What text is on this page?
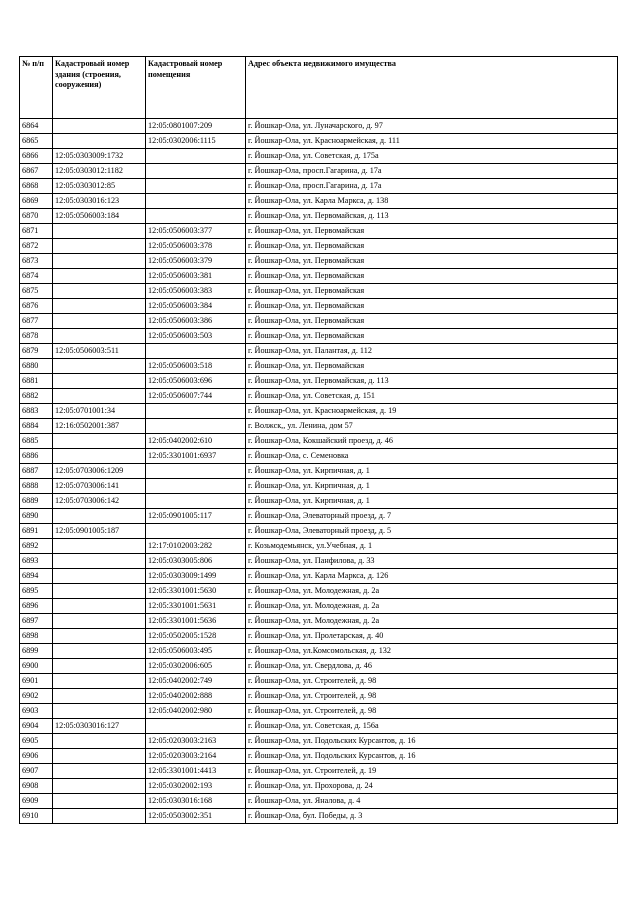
№ п/п	Кадастровый номер здания (строения, сооружения)	Кадастровый номер помещения	Адрес объекта недвижимого имущества
6864		12:05:0801007:209	г. Йошкар-Ола, ул. Луначарского, д. 97
6865		12:05:0302006:1115	г. Йошкар-Ола, ул. Красноармейская, д. 111
6866	12:05:0303009:1732		г. Йошкар-Ола, ул. Советская, д. 175а
6867	12:05:0303012:1182		г. Йошкар-Ола, просп.Гагарина, д. 17а
6868	12:05:0303012:85		г. Йошкар-Ола, просп.Гагарина, д. 17а
6869	12:05:0303016:123		г. Йошкар-Ола, ул. Карла Маркса, д. 138
6870	12:05:0506003:184		г. Йошкар-Ола, ул. Первомайская, д. 113
6871		12:05:0506003:377	г. Йошкар-Ола, ул. Первомайская
6872		12:05:0506003:378	г. Йошкар-Ола, ул. Первомайская
6873		12:05:0506003:379	г. Йошкар-Ола, ул. Первомайская
6874		12:05:0506003:381	г. Йошкар-Ола, ул. Первомайская
6875		12:05:0506003:383	г. Йошкар-Ола, ул. Первомайская
6876		12:05:0506003:384	г. Йошкар-Ола, ул. Первомайская
6877		12:05:0506003:386	г. Йошкар-Ола, ул. Первомайская
6878		12:05:0506003:503	г. Йошкар-Ола, ул. Первомайская
6879	12:05:0506003:511		г. Йошкар-Ола, ул. Палантая, д. 112
6880		12:05:0506003:518	г. Йошкар-Ола, ул. Первомайская
6881		12:05:0506003:696	г. Йошкар-Ола, ул. Первомайская, д. 113
6882		12:05:0506007:744	г. Йошкар-Ола, ул. Советская, д. 151
6883	12:05:0701001:34		г. Йошкар-Ола, ул. Красноармейская, д. 19
6884	12:16:0502001:387		г. Волжск,, ул. Ленина, дом 57
6885		12:05:0402002:610	г. Йошкар-Ола, Кокшайский проезд, д. 46
6886		12:05:3301001:6937	г. Йошкар-Ола, с. Семеновка
6887	12:05:0703006:1209		г. Йошкар-Ола, ул. Кирпичная, д. 1
6888	12:05:0703006:141		г. Йошкар-Ола, ул. Кирпичная, д. 1
6889	12:05:0703006:142		г. Йошкар-Ола, ул. Кирпичная, д. 1
6890		12:05:0901005:117	г. Йошкар-Ола, Элеваторный проезд, д. 7
6891	12:05:0901005:187		г. Йошкар-Ола, Элеваторный проезд, д. 5
6892		12:17:0102003:282	г. Козьмодемьянск, ул.Учебная, д. 1
6893		12:05:0303005:806	г. Йошкар-Ола, ул. Панфилова, д. 33
6894		12:05:0303009:1499	г. Йошкар-Ола, ул. Карла Маркса, д. 126
6895		12:05:3301001:5630	г. Йошкар-Ола, ул. Молодежная, д. 2а
6896		12:05:3301001:5631	г. Йошкар-Ола, ул. Молодежная, д. 2а
6897		12:05:3301001:5636	г. Йошкар-Ола, ул. Молодежная, д. 2а
6898		12:05:0502005:1528	г. Йошкар-Ола, ул. Пролетарская, д. 40
6899		12:05:0506003:495	г. Йошкар-Ола, ул.Комсомольская, д. 132
6900		12:05:0302006:605	г. Йошкар-Ола, ул. Свердлова, д. 46
6901		12:05:0402002:749	г. Йошкар-Ола, ул. Строителей, д. 98
6902		12:05:0402002:888	г. Йошкар-Ола, ул. Строителей, д. 98
6903		12:05:0402002:980	г. Йошкар-Ола, ул. Строителей, д. 98
6904	12:05:0303016:127		г. Йошкар-Ола, ул. Советская, д. 156а
6905		12:05:0203003:2163	г. Йошкар-Ола, ул. Подольских Курсантов, д. 16
6906		12:05:0203003:2164	г. Йошкар-Ола, ул. Подольских Курсантов, д. 16
6907		12:05:3301001:4413	г. Йошкар-Ола, ул. Строителей, д. 19
6908		12:05:0302002:193	г. Йошкар-Ола, ул. Прохорова, д. 24
6909		12:05:0303016:168	г. Йошкар-Ола, ул. Яналова, д. 4
6910		12:05:0503002:351	г. Йошкар-Ола, бул. Победы, д. 3
